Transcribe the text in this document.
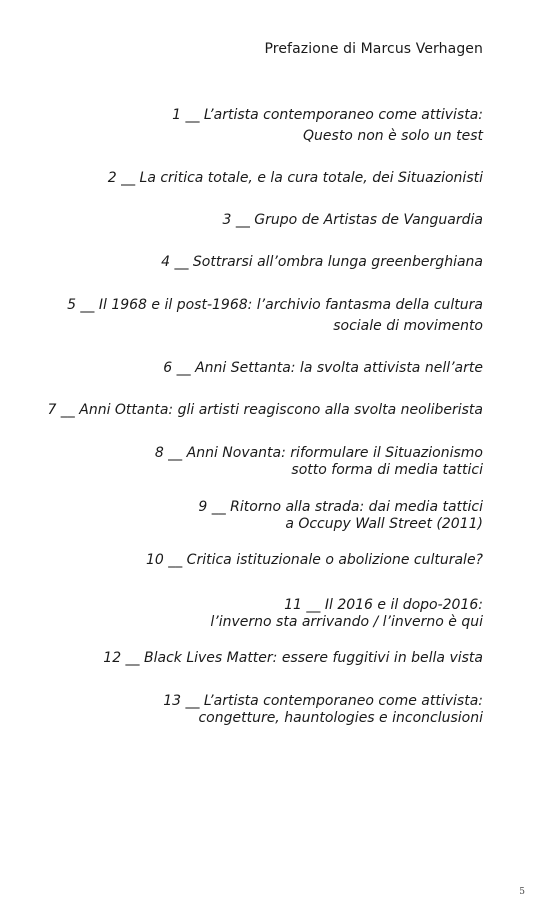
Prefazione di Marcus Verhagen
1 __ L’artista contemporaneo come attivista:
Questo non è solo un test
2 __ La critica totale, e la cura totale, dei Situazionisti
3 __ Grupo de Artistas de Vanguardia
4 __ Sottrarsi all’ombra lunga greenberghiana
5 __ Il 1968 e il post-1968: l’archivio fantasma della cultura
sociale di movimento
6 __ Anni Settanta: la svolta attivista nell’arte
7 __ Anni Ottanta: gli artisti reagiscono alla svolta neoliberista
8 __ Anni Novanta: riformulare il Situazionismo
sotto forma di media tattici
9 __ Ritorno alla strada: dai media tattici
a Occupy Wall Street (2011)
10 __ Critica istituzionale o abolizione culturale?
11 __ Il 2016 e il dopo-2016:
l’inverno sta arrivando / l’inverno è qui
12 __ Black Lives Matter: essere fuggitivi in bella vista
13 __ L’artista contemporaneo come attivista:
congetture, hauntologies e inconclusioni
5
